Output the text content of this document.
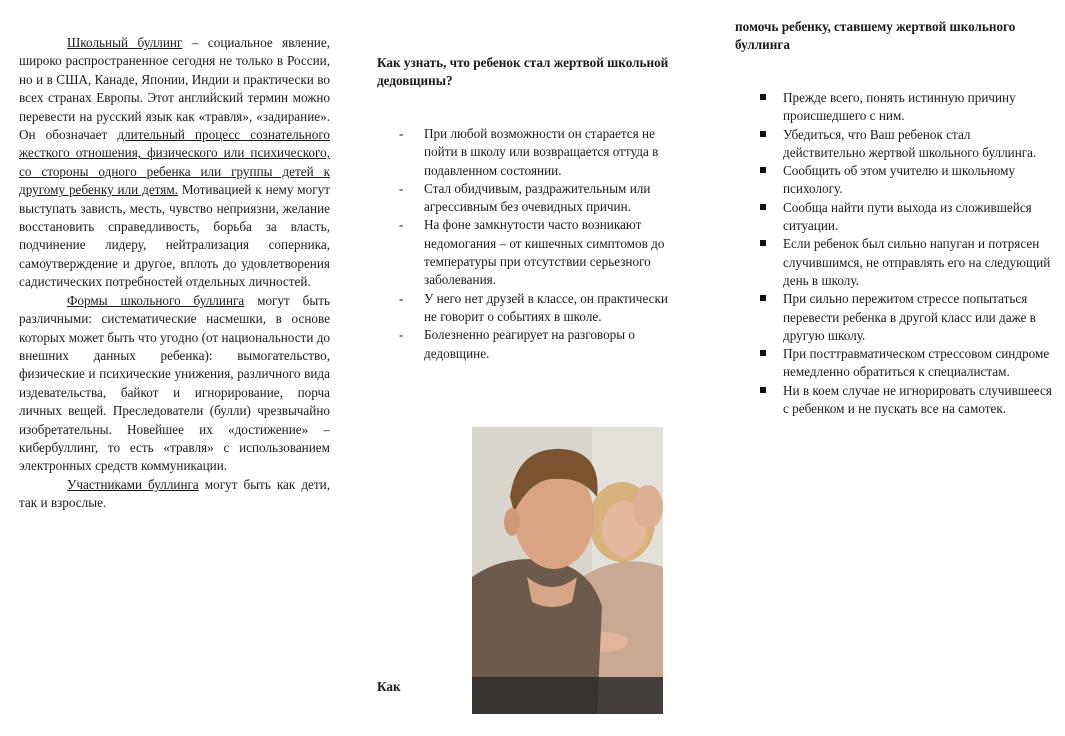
Школьный буллинг – социальное явление, широко распространенное сегодня не только в России, но и в США, Канаде, Японии, Индии и практически во всех странах Европы. Этот английский термин можно перевести на русский язык как «травля», «задирание». Он обозначает длительный процесс сознательного жесткого отношения, физического или психического, со стороны одного ребенка или группы детей к другому ребенку или детям. Мотивацией к нему могут выступать зависть, месть, чувство неприязни, желание восстановить справедливость, борьба за власть, подчинение лидеру, нейтрализация соперника, самоутверждение и другое, вплоть до удовлетворения садистических потребностей отдельных личностей.

Формы школьного буллинга могут быть различными: систематические насмешки, в основе которых может быть что угодно (от национальности до внешних данных ребенка): вымогательство, физические и психические унижения, различного вида издевательства, байкот и игнорирование, порча личных вещей. Преследователи (булли) чрезвычайно изобретательны. Новейшее их «достижение» – кибербуллинг, то есть «травля» с использованием электронных средств коммуникации.

Участниками буллинга могут быть как дети, так и взрослые.

Как узнать, что ребенок стал жертвой школьной дедовщины?
- При любой возможности он старается не пойти в школу или возвращается оттуда в подавленном состоянии.
- Стал обидчивым, раздражительным или агрессивным без очевидных причин.
- На фоне замкнутости часто возникают недомогания – от кишечных симптомов до температуры при отсутствии серьезного заболевания.
- У него нет друзей в классе, он практически не говорит о событиях в школе.
- Болезненно реагирует на разговоры о дедовщине.
Как
помочь ребенку, ставшему жертвой школьного буллинга
Прежде всего, понять истинную причину происшедшего с ним.
Убедиться, что Ваш ребенок стал действительно жертвой школьного буллинга.
Сообщить об этом учителю и школьному психологу.
Сообща найти пути выхода из сложившейся ситуации.
Если ребенок был сильно напуган и потрясен случившимся, не отправлять его на следующий день в школу.
При сильно пережитом стрессе попытаться перевести ребенка в другой класс или даже в другую школу.
При посттравматическом стрессовом синдроме немедленно обратиться к специалистам.
Ни в коем случае не игнорировать случившееся с ребенком и не пускать все на самотек.
